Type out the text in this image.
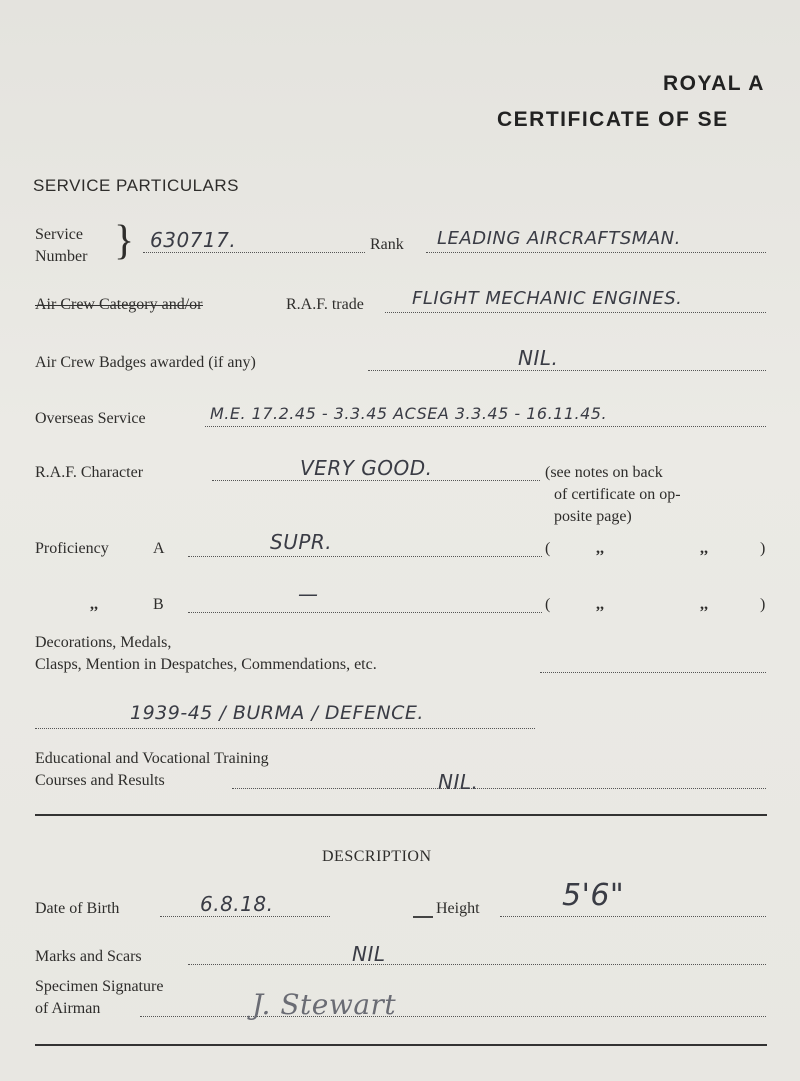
ROYAL A
CERTIFICATE OF SE
SERVICE PARTICULARS
Service
Number } 630717.	Rank LEADING AIRCRAFTSMAN.
Air Crew Category and/or	R.A.F. trade	FLIGHT MECHANIC ENGINES.
Air Crew Badges awarded (if any)	NIL.
Overseas Service	M.E. 17.2.45 - 3.3.45 ACSEA 3.3.45 - 16.11.45.
R.A.F. Character	VERY GOOD.	(see notes on back
of certificate on op-
posite page)
Proficiency	A	SUPR.	(	,,	,,	)
,,	B	—	(	,,	,,	)
Decorations, Medals,
Clasps, Mention in Despatches, Commendations, etc.
1939-45 / BURMA / DEFENCE.
Educational and Vocational Training
Courses and Results	NIL.
DESCRIPTION
Date of Birth	6.8.18.	Height	5'6"
Marks and Scars	NIL
Specimen Signature
of Airman	J. Stewart
